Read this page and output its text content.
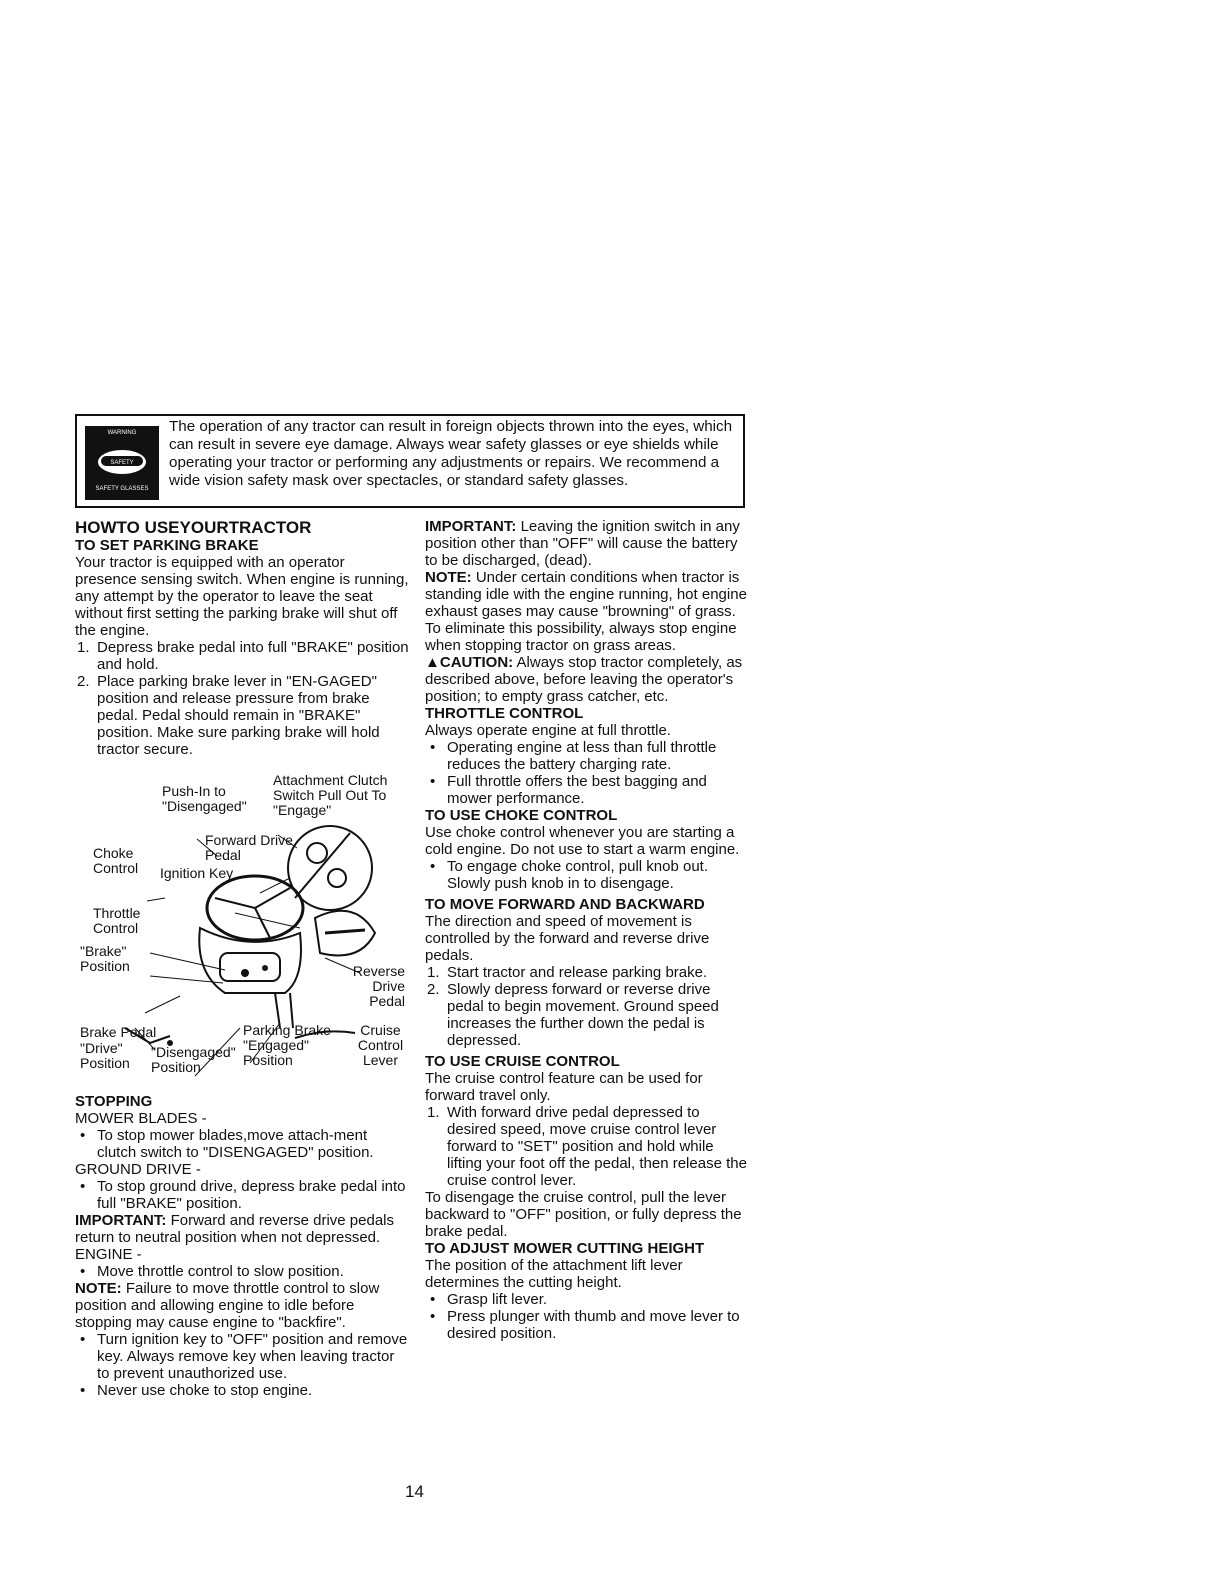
WARNING
SAFETY
SAFETY GLASSES

The operation of any tractor can result in foreign objects thrown into the eyes, which can result in severe eye damage. Always wear safety glasses or eye shields while operating your tractor or performing any adjustments or repairs. We recommend a wide vision safety mask over spectacles, or standard safety glasses.

HOWTO USEYOURTRACTOR

TO SET PARKING BRAKE

Your tractor is equipped with an operator presence sensing switch. When engine is running, any attempt by the operator to leave the seat without first setting the parking brake will shut off the engine.

1. Depress brake pedal into full "BRAKE" position and hold.
2. Place parking brake lever in "EN-GAGED" position and release pressure from brake pedal. Pedal should remain in "BRAKE" position. Make sure parking brake will hold tractor secure.
Push-In to "Disengaged"
Attachment Clutch Switch Pull Out To "Engage"
Forward Drive Pedal
Choke Control	Ignition Key
Throttle Control
"Brake" Position	Reverse Drive Pedal
Brake Pedal
"Drive" Position
"Disengaged" Position
Parking Brake "Engaged" Position
Cruise Control Lever

STOPPING

MOWER BLADES -

• To stop mower blades,move attach-ment clutch switch to "DISENGAGED" position.

GROUND DRIVE -

• To stop ground drive, depress brake pedal into full "BRAKE" position.

IMPORTANT: Forward and reverse drive pedals return to neutral position when not depressed.

ENGINE -

• Move throttle control to slow position.

NOTE: Failure to move throttle control to slow position and allowing engine to idle before stopping may cause engine to "backfire".

• Turn ignition key to "OFF" position and remove key. Always remove key when leaving tractor to prevent unauthorized use.
• Never use choke to stop engine.

IMPORTANT: Leaving the ignition switch in any position other than "OFF" will cause the battery to be discharged, (dead).

NOTE: Under certain conditions when tractor is standing idle with the engine running, hot engine exhaust gases may cause "browning" of grass. To eliminate this possibility, always stop engine when stopping tractor on grass areas.

▲CAUTION: Always stop tractor completely, as described above, before leaving the operator's position; to empty grass catcher, etc.

THROTTLE CONTROL

Always operate engine at full throttle.

• Operating engine at less than full throttle reduces the battery charging rate.
• Full throttle offers the best bagging and mower performance.

TO USE CHOKE CONTROL

Use choke control whenever you are starting a cold engine. Do not use to start a warm engine.

• To engage choke control, pull knob out. Slowly push knob in to disengage.

TO MOVE FORWARD AND BACKWARD

The direction and speed of movement is controlled by the forward and reverse drive pedals.

1. Start tractor and release parking brake.
2. Slowly depress forward or reverse drive pedal to begin movement. Ground speed increases the further down the pedal is depressed.

TO USE CRUISE CONTROL

The cruise control feature can be used for forward travel only.

1. With forward drive pedal depressed to desired speed, move cruise control lever forward to "SET" position and hold while lifting your foot off the pedal, then release the cruise control lever.

To disengage the cruise control, pull the lever backward to "OFF" position, or fully depress the brake pedal.

TO ADJUST MOWER CUTTING HEIGHT

The position of the attachment lift lever determines the cutting height.

• Grasp lift lever.
• Press plunger with thumb and move lever to desired position.
14
